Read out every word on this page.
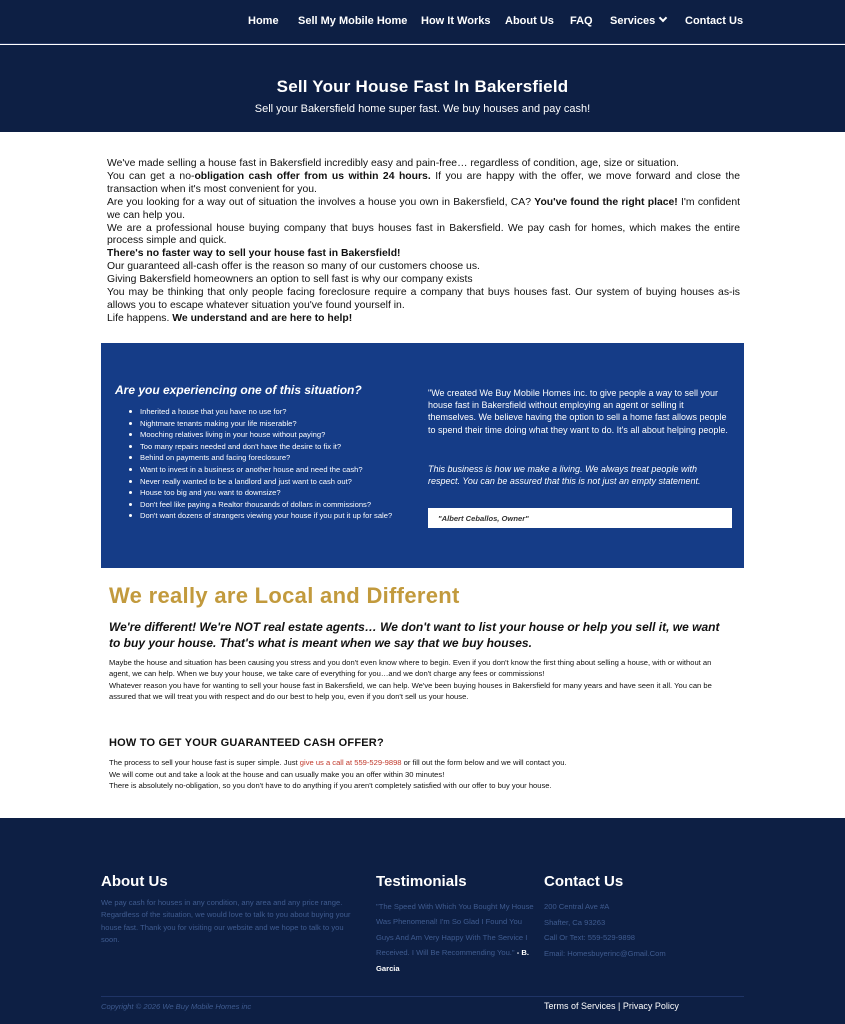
Home Sell My Mobile Home How It Works About Us FAQ Services	Contact Us
Sell Your House Fast In Bakersfield

Sell your Bakersfield home super fast. We buy houses and pay cash!

We've made selling a house fast in Bakersfield incredibly easy and pain-free… regardless of condition, age, size or situation.

You can get a no-obligation cash offer from us within 24 hours. If you are happy with the offer, we move forward and close the transaction when it's most convenient for you.

Are you looking for a way out of situation the involves a house you own in Bakersfield, CA? You've found the right place! I'm confident we can help you.

We are a professional house buying company that buys houses fast in Bakersfield. We pay cash for homes, which makes the entire process simple and quick.

There's no faster way to sell your house fast in Bakersfield!

Our guaranteed all-cash offer is the reason so many of our customers choose us.

Giving Bakersfield homeowners an option to sell fast is why our company exists

You may be thinking that only people facing foreclosure require a company that buys houses fast. Our system of buying houses as-is allows you to escape whatever situation you've found yourself in.

Life happens. We understand and are here to help!

Are you experiencing one of this situation?
Inherited a house that you have no use for?
Nightmare tenants making your life miserable?
Mooching relatives living in your house without paying?
Too many repairs needed and don't have the desire to fix it?
Behind on payments and facing foreclosure?
Want to invest in a business or another house and need the cash?
Never really wanted to be a landlord and just want to cash out?
House too big and you want to downsize?
Don't feel like paying a Realtor thousands of dollars in commissions?
Don't want dozens of strangers viewing your house if you put it up for sale?

"We created We Buy Mobile Homes inc. to give people a way to sell your house fast in Bakersfield without employing an agent or selling it themselves. We believe having the option to sell a home fast allows people to spend their time doing what they want to do. It's all about helping people.

This business is how we make a living. We always treat people with respect. You can be assured that this is not just an empty statement.

"Albert Ceballos, Owner"
We really are Local and Different

We're different! We're NOT real estate agents… We don't want to list your house or help you sell it, we want to buy your house. That's what is meant when we say that we buy houses.

Maybe the house and situation has been causing you stress and you don't even know where to begin. Even if you don't know the first thing about selling a house, with or without an agent, we can help. When we buy your house, we take care of everything for you…and we don't charge any fees or commissions!

Whatever reason you have for wanting to sell your house fast in Bakersfield, we can help. We've been buying houses in Bakersfield for many years and have seen it all. You can be assured that we will treat you with respect and do our best to help you, even if you don't sell us your house.

HOW TO GET YOUR GUARANTEED CASH OFFER?

The process to sell your house fast is super simple. Just give us a call at 559-529-9898 or fill out the form below and we will contact you.

We will come out and take a look at the house and can usually make you an offer within 30 minutes!

There is absolutely no-obligation, so you don't have to do anything if you aren't completely satisfied with our offer to buy your house.

About Us

We pay cash for houses in any condition, any area and any price range. Regardless of the situation, we would love to talk to you about buying your house fast. Thank you for visiting our website and we hope to talk to you soon.

Testimonials

"The Speed With Which You Bought My House Was Phenomenal! I'm So Glad I Found You Guys And Am Very Happy With The Service I Received. I Will Be Recommending You." - B. Garcia

Contact Us
200 Central Ave #A
Shafter, Ca 93263
Call Or Text: 559-529-9898
Email: Homesbuyerinc@Gmail.Com
Copyright © 2026 We Buy Mobile Homes inc	Terms of Services | Privacy Policy
